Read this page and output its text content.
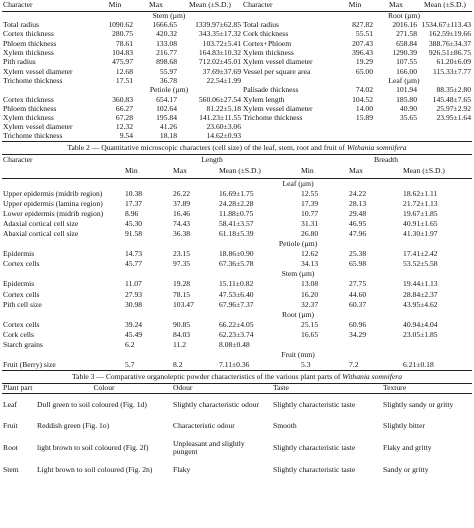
Character	Min	Max	Mean (±S.D.)	Character	Min	Max	Mean (±S.D.)
	Stem (µm)				Root (µm)		
Total radius	1090.62	1666.65	1339.97±62.85	Total radius	827.82	2016.16	1534.67±113.43
Cortex thickness	280.75	420.32	343.35±17.32	Cork thickness	55.51	271.58	162.59±19.66
Phloem thickness	78.61	133.08	103.72±5.41	Cortex+Phloem	207.43	658.84	388.76±34.37
Xylem thickness	104.83	216.77	164.83±10.32	Xylem thickness	396.43	1290.39	926.51±86.75
Pith radius	475.97	898.68	712.02±45.01	Xylem vessel diameter	19.29	107.55	61.20±6.09
Xylem vessel diameter	12.68	55.97	37.69±37.69	Vessel per square area	65.00	166.00	115.33±7.77
Trichome thickness	17.51	36.78	22.54±1.99		Leaf (µm)		
	Petiole (µm)			Palisade thickness	74.02	101.94	88.35±2.80
Cortex thickness	360.83	654.17	560.06±27.54	Xylem length	104.52	185.80	145.48±7.65
Phloem thickness	66.27	102.64	81.22±5.18	Xylem vessel diameter	14.00	40.90	25.97±2.92
Xylem thickness	67.28	195.84	141.23±11.55	Trichome thickness	15.89	35.65	23.95±1.64
Xylem vessel diameter	12.32	41.26	23.60±3.06				
Trichome thickness	9.54	18.18	14.62±0.93				
Table 2 — Quantitative microscopic characters (cell size) of the leaf, stem, root and fruit of Withania somnifera
Character	Length			Breadth		
	Min	Max	Mean (±S.D.)	Min	Max	Mean (±S.D.)
	Leaf (µm)					
Upper epidermis (midrib region)	10.38	26.22	16.69±1.75	12.55	24.22	18.62±1.11
Upper epidermis (lamina region)	17.37	37.89	24.28±2.28	17.39	28.13	21.72±1.13
Lower epidermis (midrib region)	8.96	16.46	11.88±0.75	10.77	29.48	19.67±1.85
Adaxial cortical cell size	45.30	74.43	58.41±3.57	31.31	46.95	40.91±1.65
Abaxial cortical cell size	91.58	36.38	61.18±5.39	26.80	47.96	41.30±1.97
	Petiole (µm)					
Epidermis	14.73	23.15	18.86±0.90	12.62	25.38	17.41±2.42
Cortex cells	45.77	97.35	67.36±5.78	34.13	65.98	53.52±5.58
	Stem (µm)					
Epidermis	11.07	19.28	15.11±0.82	13.08	27.75	19.44±1.13
Cortex cells	27.93	78.15	47.53±6.40	16.20	44.60	28.84±2.37
Pith cell size	30.98	103.47	67.96±7.37	32.37	60.37	43.95±4.62
	Root (µm)					
Cortex cells	39.24	90.85	66.22±4.05	25.15	60.96	40.94±4.04
Cork cells	45.49	84.03	62.23±3.74	16.65	34.29	23.05±1.85
Starch grains	6.2	11.2	8.08±0.48			
	Fruit (mm)					
Fruit (Berry) size	5.7	8.2	7.11±0.36	5.3	7.2	6.21±0.18
Table 3 — Comparative organoleptic powder characteristics of the various plant parts of Withania somnifera
Plant part	Colour	Odour	Taste	Texture
Leaf	Dull green to soil coloured (Fig. 1d)	Slightly characteristic odour	Slightly characteristic taste	Slightly sandy or gritty
Fruit	Reddish green (Fig. 1o)	Characteristic odour	Smooth	Slightly bitter
Root	light brown to soil coloured (Fig. 2f)	Unpleasant and slightly pungent	Slightly characteristic taste	Flaky and gritty
Stem	Light brown to soil coloured (Fig. 2n)	Flaky	Slightly characteristic taste	Sandy or gritty
